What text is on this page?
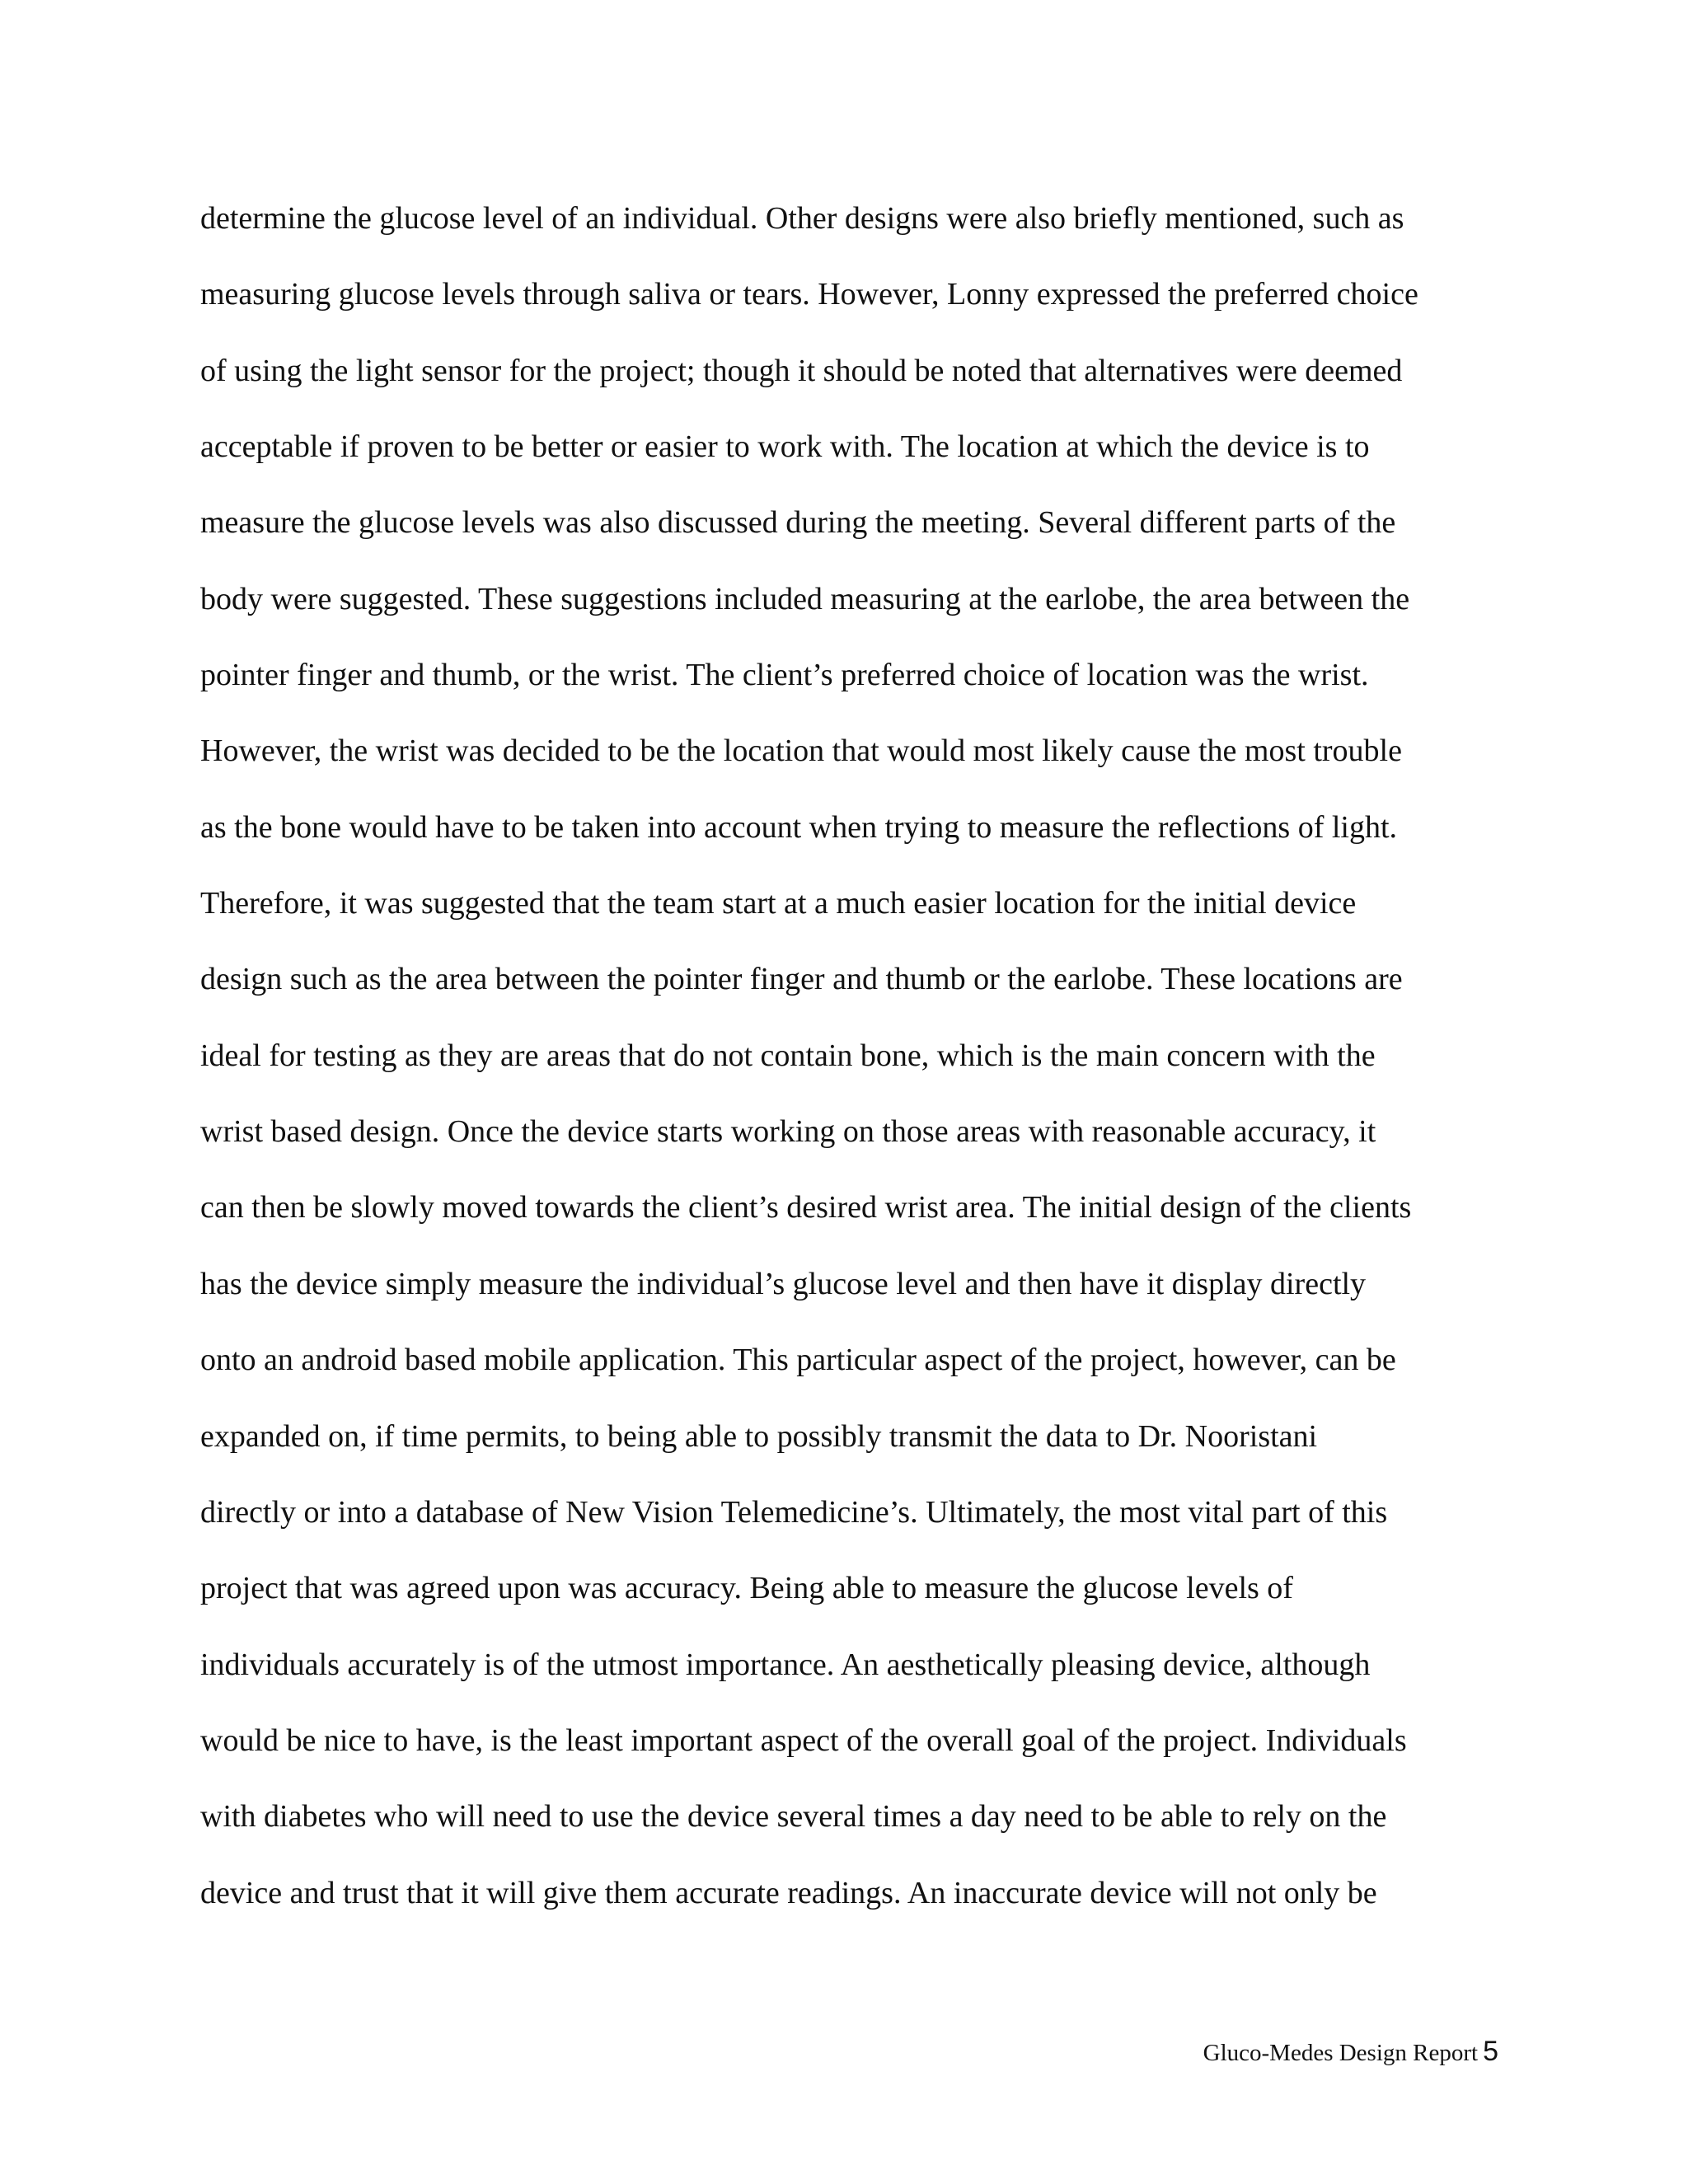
determine the glucose level of an individual. Other designs were also briefly mentioned, such as
measuring glucose levels through saliva or tears. However, Lonny expressed the preferred choice
of using the light sensor for the project; though it should be noted that alternatives were deemed
acceptable if proven to be better or easier to work with. The location at which the device is to
measure the glucose levels was also discussed during the meeting. Several different parts of the
body were suggested. These suggestions included measuring at the earlobe, the area between the
pointer finger and thumb, or the wrist. The client’s preferred choice of location was the wrist.
However, the wrist was decided to be the location that would most likely cause the most trouble
as the bone would have to be taken into account when trying to measure the reflections of light.
Therefore, it was suggested that the team start at a much easier location for the initial device
design such as the area between the pointer finger and thumb or the earlobe. These locations are
ideal for testing as they are areas that do not contain bone, which is the main concern with the
wrist based design. Once the device starts working on those areas with reasonable accuracy, it
can then be slowly moved towards the client’s desired wrist area. The initial design of the clients
has the device simply measure the individual’s glucose level and then have it display directly
onto an android based mobile application. This particular aspect of the project, however, can be
expanded on, if time permits, to being able to possibly transmit the data to Dr. Nooristani
directly or into a database of New Vision Telemedicine’s. Ultimately, the most vital part of this
project that was agreed upon was accuracy. Being able to measure the glucose levels of
individuals accurately is of the utmost importance. An aesthetically pleasing device, although
would be nice to have, is the least important aspect of the overall goal of the project. Individuals
with diabetes who will need to use the device several times a day need to be able to rely on the
device and trust that it will give them accurate readings. An inaccurate device will not only be
Gluco-Medes Design Report 5
